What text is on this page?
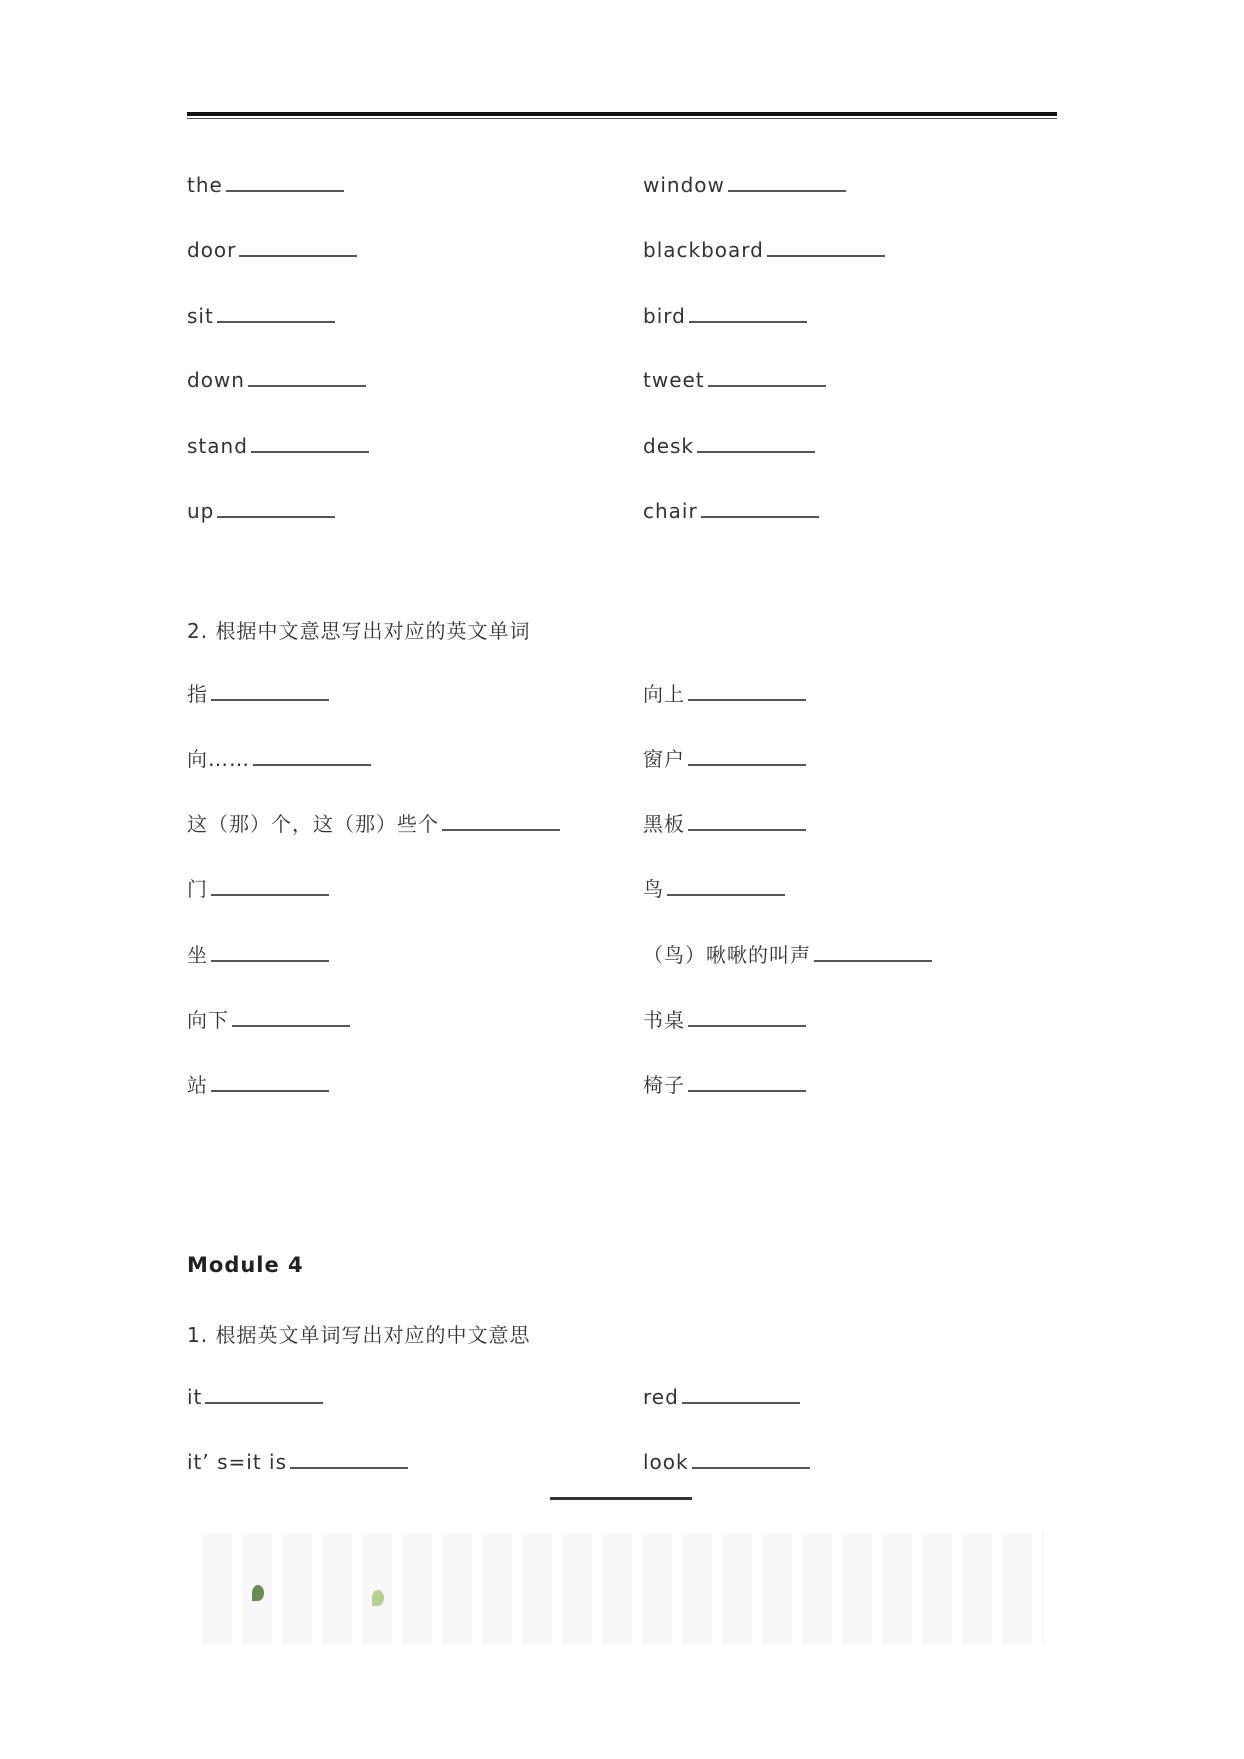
2. 根据中文意思写出对应的英文单词
Module 4
1. 根据英文单词写出对应的中文意思
the	window
door	blackboard
sit	bird
down	tweet
stand	desk
up	chair
指	向上
向……	窗户
这（那）个，这（那）些个	黑板
门	鸟
坐	（鸟）啾啾的叫声
向下	书桌
站	椅子
it	red
it’ s=it is	look
